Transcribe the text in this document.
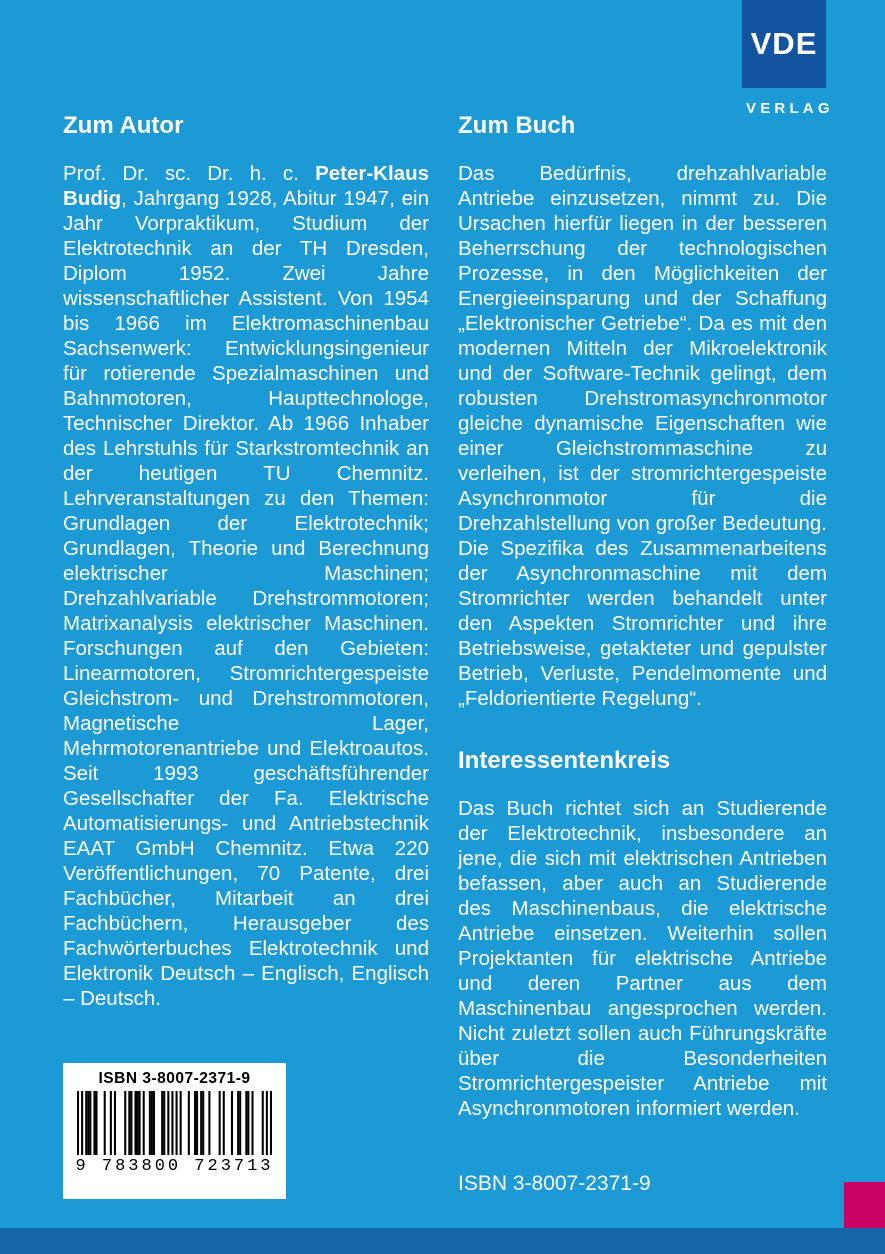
VDE
VERLAG
Zum Autor

Prof. Dr. sc. Dr. h. c. Peter-Klaus Budig, Jahrgang 1928, Abitur 1947, ein Jahr Vorpraktikum, Studium der Elektrotechnik an der TH Dresden, Diplom 1952. Zwei Jahre wissenschaftlicher Assistent. Von 1954 bis 1966 im Elektromaschinenbau Sachsenwerk: Entwicklungsingenieur für rotierende Spezialmaschinen und Bahnmotoren, Haupttechnologe, Technischer Direktor. Ab 1966 Inhaber des Lehrstuhls für Starkstromtechnik an der heutigen TU Chemnitz. Lehrveranstaltungen zu den Themen: Grundlagen der Elektrotechnik; Grundlagen, Theorie und Berechnung elektrischer Maschinen; Drehzahlvariable Drehstrommotoren; Matrixanalysis elektrischer Maschinen. Forschungen auf den Gebieten: Linearmotoren, Stromrichtergespeiste Gleichstrom- und Drehstrommotoren, Magnetische Lager, Mehrmotorenantriebe und Elektroautos. Seit 1993 geschäftsführender Gesellschafter der Fa. Elektrische Automatisierungs- und Antriebstechnik EAAT GmbH Chemnitz. Etwa 220 Veröffentlichungen, 70 Patente, drei Fachbücher, Mitarbeit an drei Fachbüchern, Herausgeber des Fachwörterbuches Elektrotechnik und Elektronik Deutsch – Englisch, Englisch – Deutsch.

Zum Buch

Das Bedürfnis, drehzahlvariable Antriebe einzusetzen, nimmt zu. Die Ursachen hierfür liegen in der besseren Beherrschung der technologischen Prozesse, in den Möglichkeiten der Energieeinsparung und der Schaffung „Elektronischer Getriebe“. Da es mit den modernen Mitteln der Mikroelektronik und der Software-Technik gelingt, dem robusten Drehstromasynchronmotor gleiche dynamische Eigenschaften wie einer Gleichstrommaschine zu verleihen, ist der stromrichtergespeiste Asynchronmotor für die Drehzahlstellung von großer Bedeutung. Die Spezifika des Zusammenarbeitens der Asynchronmaschine mit dem Stromrichter werden behandelt unter den Aspekten Stromrichter und ihre Betriebsweise, getakteter und gepulster Betrieb, Verluste, Pendelmomente und „Feldorientierte Regelung“.

Interessentenkreis

Das Buch richtet sich an Studierende der Elektrotechnik, insbesondere an jene, die sich mit elektrischen Antrieben befassen, aber auch an Studierende des Maschinenbaus, die elektrische Antriebe einsetzen. Weiterhin sollen Projektanten für elektrische Antriebe und deren Partner aus dem Maschinenbau angesprochen werden. Nicht zuletzt sollen auch Führungskräfte über die Besonderheiten Stromrichtergespeister Antriebe mit Asynchronmotoren informiert werden.

ISBN 3-8007-2371-9
9 783800 723713
ISBN 3-8007-2371-9
